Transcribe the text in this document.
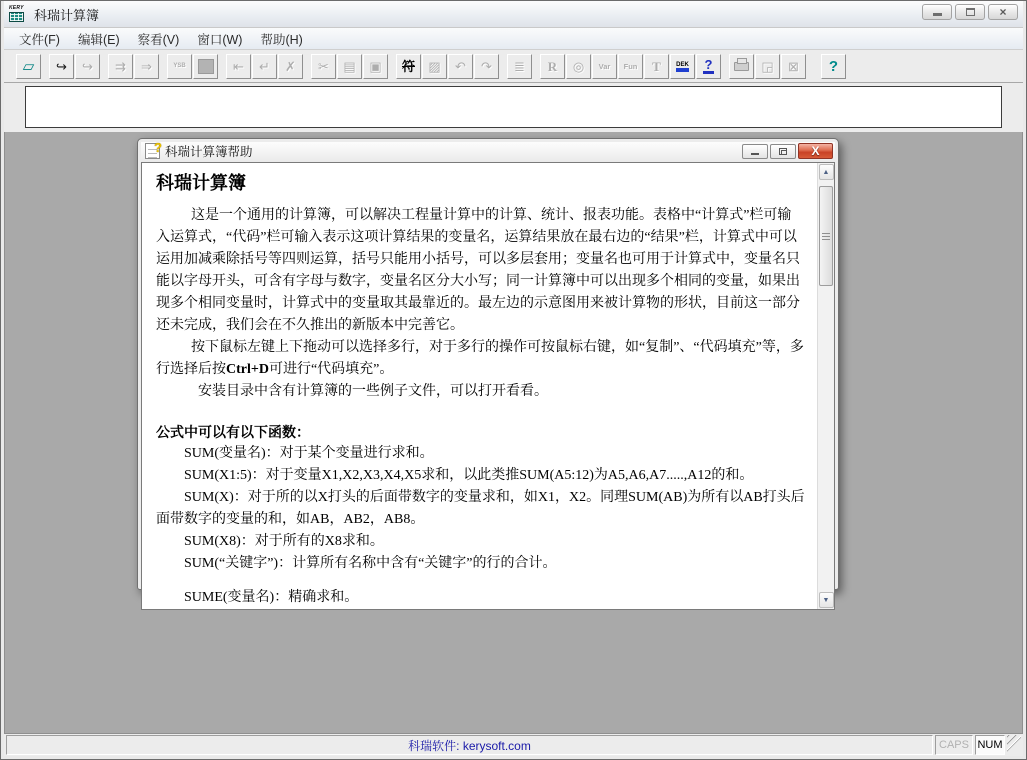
KERY 科瑞计算簿	×
文件(F)	编辑(E)	察看(V)	窗口(W)	帮助(H)
▱ ↪ ↪ ⇉ ⇒	YSB	⇤ ↵ ✗ ✂ ▤ ▣ 符 ▨ ↶ ↷ ≣ R ◎ Var Fun T	DEK ?	◲ ⊠ ?
? 科瑞计算簿帮助	X
科瑞计算簿

这是一个通用的计算簿，可以解决工程量计算中的计算、统计、报表功能。表格中“计算式”栏可输入运算式，“代码”栏可输入表示这项计算结果的变量名，运算结果放在最右边的“结果”栏，计算式中可以运用加减乘除括号等四则运算，括号只能用小括号，可以多层套用；变量名也可用于计算式中，变量名只能以字母开头，可含有字母与数字，变量名区分大小写；同一计算簿中可以出现多个相同的变量，如果出现多个相同变量时，计算式中的变量取其最靠近的。最左边的示意图用来被计算物的形状，目前这一部分还未完成，我们会在不久推出的新版本中完善它。

按下鼠标左键上下拖动可以选择多行，对于多行的操作可按鼠标右键，如“复制”、“代码填充”等，多行选择后按Ctrl+D可进行“代码填充”。

安装目录中含有计算簿的一些例子文件，可以打开看看。

公式中可以有以下函数：

SUM(变量名)：对于某个变量进行求和。

SUM(X1:5)：对于变量X1,X2,X3,X4,X5求和，以此类推SUM(A5:12)为A5,A6,A7.....,A12的和。

SUM(X)：对于所的以X打头的后面带数字的变量求和，如X1，X2。同理SUM(AB)为所有以AB打头后面带数字的变量的和，如AB，AB2，AB8。

SUM(X8)：对于所有的X8求和。

SUM(“关键字”)：计算所有名称中含有“关键字”的行的合计。

SUME(变量名)：精确求和。

▲
▼
科瑞软件: kerysoft.com	CAPS NUM
